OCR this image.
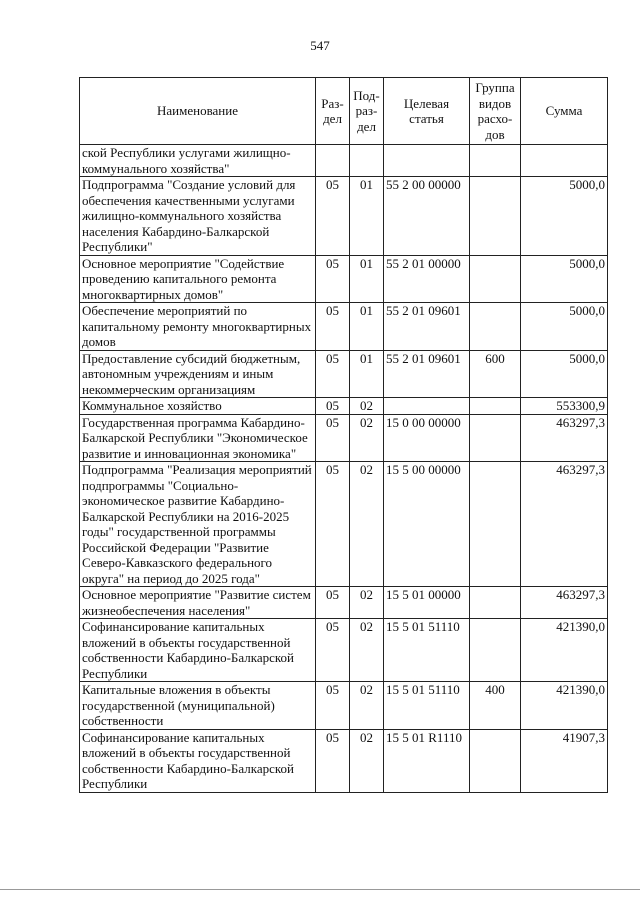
547
Наименование	Раз-
дел	Под-
раз-
дел	Целевая
статья	Группа
видов
расхо-
дов	Сумма
ской Республики услугами жилищно-коммунального хозяйства"					
Подпрограмма "Создание условий для обеспечения качественными услугами жилищно-коммунального хозяйства населения Кабардино-Балкарской Республики"	05	01	55 2 00 00000		5000,0
Основное мероприятие "Содействие проведению капитального ремонта многоквартирных домов"	05	01	55 2 01 00000		5000,0
Обеспечение мероприятий по капитальному ремонту многоквартирных домов	05	01	55 2 01 09601		5000,0
Предоставление субсидий бюджетным, автономным учреждениям и иным некоммерческим организациям	05	01	55 2 01 09601	600	5000,0
Коммунальное хозяйство	05	02			553300,9
Государственная программа Кабардино-Балкарской Республики "Экономическое развитие и инновационная экономика"	05	02	15 0 00 00000		463297,3
Подпрограмма "Реализация мероприятий подпрограммы "Социально-экономическое развитие Кабардино-Балкарской Республики на 2016-2025 годы" государственной программы Российской Федерации "Развитие Северо-Кавказского федерального округа" на период до 2025 года"	05	02	15 5 00 00000		463297,3
Основное мероприятие "Развитие систем жизнеобеспечения населения"	05	02	15 5 01 00000		463297,3
Софинансирование капитальных вложений в объекты государственной собственности Кабардино-Балкарской Республики	05	02	15 5 01 51110		421390,0
Капитальные вложения в объекты государственной (муниципальной) собственности	05	02	15 5 01 51110	400	421390,0
Софинансирование капитальных вложений в объекты государственной собственности Кабардино-Балкарской Республики	05	02	15 5 01 R1110		41907,3
